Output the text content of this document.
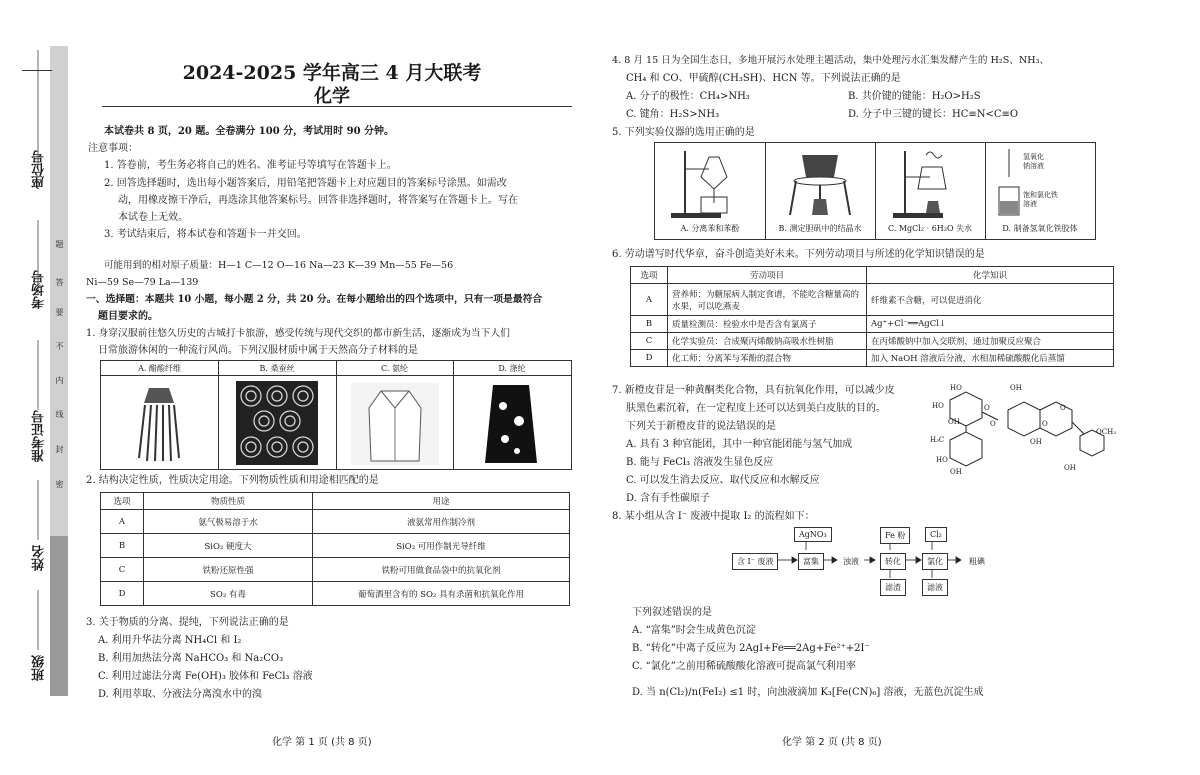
座位号
考场号
准考证号
姓名
班级
题
答
要
不
内
线
封
密
2024-2025 学年高三 4 月大联考
化学

本试卷共 8 页，20 题。全卷满分 100 分，考试用时 90 分钟。

注意事项：

1. 答卷前，考生务必将自己的姓名、准考证号等填写在答题卡上。

2. 回答选择题时，选出每小题答案后，用铅笔把答题卡上对应题目的答案标号涂黑。如需改

动，用橡皮擦干净后，再选涂其他答案标号。回答非选择题时，将答案写在答题卡上。写在

本试卷上无效。

3. 考试结束后，将本试卷和答题卡一并交回。

可能用到的相对原子质量：H—1 C—12 O—16 Na—23 K—39 Mn—55 Fe—56

Ni—59 Se—79 La—139

一、选择题：本题共 10 小题，每小题 2 分，共 20 分。在每小题给出的四个选项中，只有一项是最符合

题目要求的。

1. 身穿汉服前往悠久历史的古城打卡旅游，感受传统与现代交织的都市新生活，逐渐成为当下人们

日常旅游休闲的一种流行风尚。下列汉服材质中属于天然高分子材料的是

A. 醋酸纤维	B. 桑蚕丝	C. 氨纶	D. 涤纶

2. 结构决定性质，性质决定用途。下列物质性质和用途相匹配的是

选项	物质性质	用途
A	氨气极易溶于水	液氨常用作制冷剂
B	SiO₂ 硬度大	SiO₂ 可用作制光导纤维
C	铁粉还原性强	铁粉可用做食品袋中的抗氧化剂
D	SO₂ 有毒	葡萄酒里含有的 SO₂ 具有杀菌和抗氧化作用

3. 关于物质的分离、提纯，下列说法正确的是

A. 利用升华法分离 NH₄Cl 和 I₂

B. 利用加热法分离 NaHCO₃ 和 Na₂CO₃

C. 利用过滤法分离 Fe(OH)₃ 胶体和 FeCl₃ 溶液

D. 利用萃取、分液法分离溴水中的溴

化学 第 1 页 (共 8 页)

4. 8 月 15 日为全国生态日，多地开展污水处理主题活动，集中处理污水汇集发酵产生的 H₂S、NH₃、

CH₄ 和 CO、甲硫醇(CH₃SH)、HCN 等。下列说法正确的是

A. 分子的极性：CH₄>NH₃	B. 共价键的键能：H₂O>H₂S

C. 键角：H₂S>NH₃	D. 分子中三键的键长：HC≡N<C≡O

5. 下列实验仪器的选用正确的是

氢氧化
钠溶液
饱和氯化铁
溶液
A. 分离苯和苯酚	B. 测定胆矾中的结晶水	C. MgCl₂ · 6H₂O 失水	D. 制备氢氧化铁胶体

6. 劳动谱写时代华章，奋斗创造美好未来。下列劳动项目与所述的化学知识错误的是

选项	劳动项目	化学知识
A	营养师：为糖尿病人制定食谱，不能吃含糖量高的水果，可以吃燕麦	纤维素不含糖，可以促进消化
B	质量检测员：检验水中是否含有氯离子	Ag⁺+Cl⁻══AgCl↓
C	化学实验员：合成聚丙烯酸钠高吸水性树脂	在丙烯酸钠中加入交联剂，通过加聚反应聚合
D	化工师：分离苯与苯酚的混合物	加入 NaOH 溶液后分液，水相加稀硫酸酸化后蒸馏

7. 新橙皮苷是一种黄酮类化合物，具有抗氧化作用，可以减少皮

肤黑色素沉着，在一定程度上还可以达到美白皮肤的目的。

下列关于新橙皮苷的说法错误的是

A. 具有 3 种官能团，其中一种官能团能与氢气加成

B. 能与 FeCl₃ 溶液发生显色反应

C. 可以发生消去反应、取代反应和水解反应

D. 含有手性碳原子

HO	OH
HO
OH
O
O
H₃C
HO
OH
OH
O
O
OCH₃
OH

8. 某小组从含 I⁻ 废液中提取 I₂ 的流程如下：

含 I⁻ 废液
AgNO₃
富集	浊液
Fe 粉
转化	氯化
Cl₂
粗碘
滤渣	滤液

下列叙述错误的是

A. “富集”时会生成黄色沉淀

B. “转化”中离子反应为 2AgI+Fe══2Ag+Fe²⁺+2I⁻

C. “氯化”之前用稀硫酸酸化溶液可提高氯气利用率

D. 当 n(Cl₂)/n(FeI₂) ≤1 时，向浊液滴加 K₃[Fe(CN)₆] 溶液，无蓝色沉淀生成

化学 第 2 页 (共 8 页)
